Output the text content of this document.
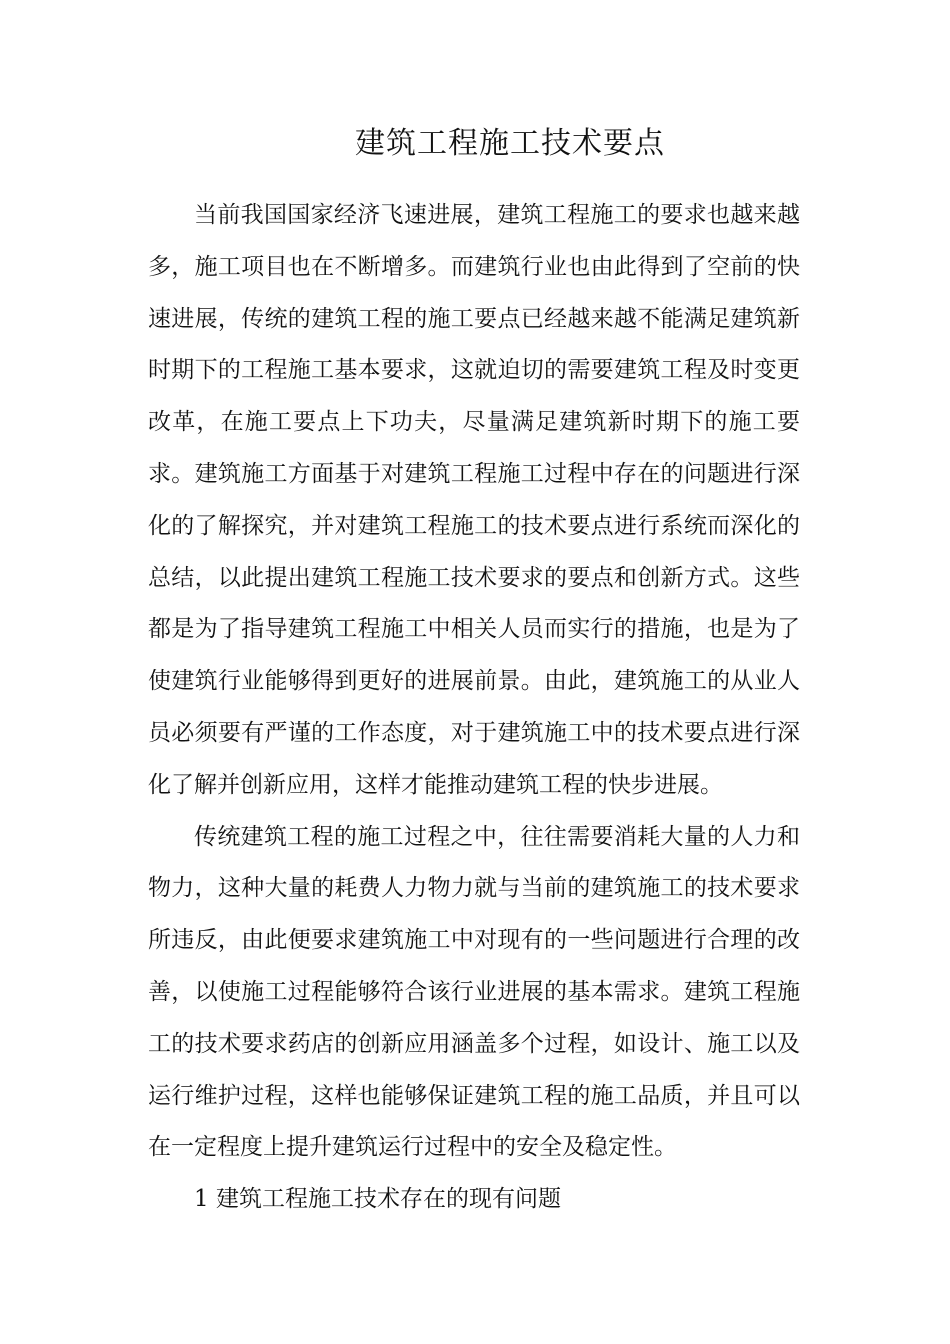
建筑工程施工技术要点

当前我国国家经济飞速进展，建筑工程施工的要求也越来越多，施工项目也在不断增多。而建筑行业也由此得到了空前的快速进展，传统的建筑工程的施工要点已经越来越不能满足建筑新时期下的工程施工基本要求，这就迫切的需要建筑工程及时变更改革，在施工要点上下功夫，尽量满足建筑新时期下的施工要求。建筑施工方面基于对建筑工程施工过程中存在的问题进行深化的了解探究，并对建筑工程施工的技术要点进行系统而深化的总结，以此提出建筑工程施工技术要求的要点和创新方式。这些都是为了指导建筑工程施工中相关人员而实行的措施，也是为了使建筑行业能够得到更好的进展前景。由此，建筑施工的从业人员必须要有严谨的工作态度，对于建筑施工中的技术要点进行深化了解并创新应用，这样才能推动建筑工程的快步进展。

传统建筑工程的施工过程之中，往往需要消耗大量的人力和物力，这种大量的耗费人力物力就与当前的建筑施工的技术要求所违反，由此便要求建筑施工中对现有的一些问题进行合理的改善，以使施工过程能够符合该行业进展的基本需求。建筑工程施工的技术要求药店的创新应用涵盖多个过程，如设计、施工以及运行维护过程，这样也能够保证建筑工程的施工品质，并且可以在一定程度上提升建筑运行过程中的安全及稳定性。

1 建筑工程施工技术存在的现有问题
